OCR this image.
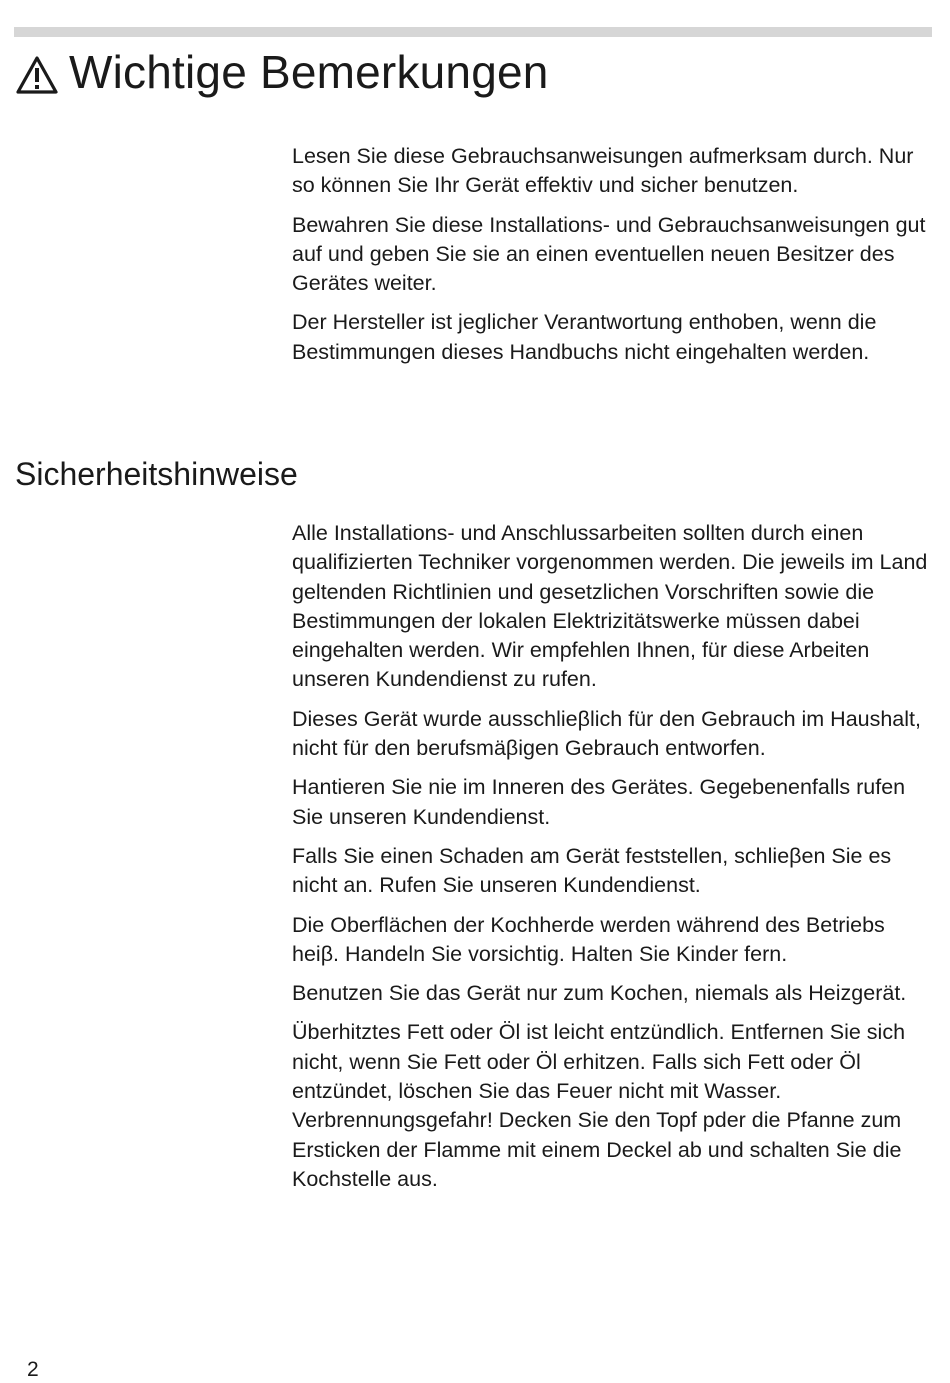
Wichtige Bemerkungen

Lesen Sie diese Gebrauchsanweisungen aufmerksam durch. Nur so können Sie Ihr Gerät effektiv und sicher benutzen.

Bewahren Sie diese Installations- und Gebrauchsanweisungen gut auf und geben Sie sie an einen eventuellen neuen Besitzer des Gerätes weiter.

Der Hersteller ist jeglicher Verantwortung enthoben, wenn die Bestimmungen dieses Handbuchs nicht eingehalten werden.

Sicherheitshinweise

Alle Installations- und Anschlussarbeiten sollten durch einen qualifizierten Techniker vorgenommen werden. Die jeweils im Land geltenden Richtlinien und gesetzlichen Vorschriften sowie die Bestimmungen der lokalen Elektrizitätswerke müssen dabei eingehalten werden. Wir empfehlen Ihnen, für diese Arbeiten unseren Kundendienst zu rufen.

Dieses Gerät wurde ausschlieβlich für den Gebrauch im Haushalt, nicht für den berufsmäβigen Gebrauch entworfen.

Hantieren Sie nie im Inneren des Gerätes. Gegebenenfalls rufen Sie unseren Kundendienst.

Falls Sie einen Schaden am Gerät feststellen, schlieβen Sie es nicht an. Rufen Sie unseren Kundendienst.

Die Oberflächen der Kochherde werden während des Betriebs heiβ. Handeln Sie vorsichtig. Halten Sie Kinder fern.

Benutzen Sie das Gerät nur zum Kochen, niemals als Heizgerät.

Überhitztes Fett oder Öl ist leicht entzündlich. Entfernen Sie sich nicht, wenn Sie Fett oder Öl erhitzen. Falls sich Fett oder Öl entzündet, löschen Sie das Feuer nicht mit Wasser. Verbrennungsgefahr! Decken Sie den Topf pder die Pfanne zum Ersticken der Flamme mit einem Deckel ab und schalten Sie die Kochstelle aus.

2
